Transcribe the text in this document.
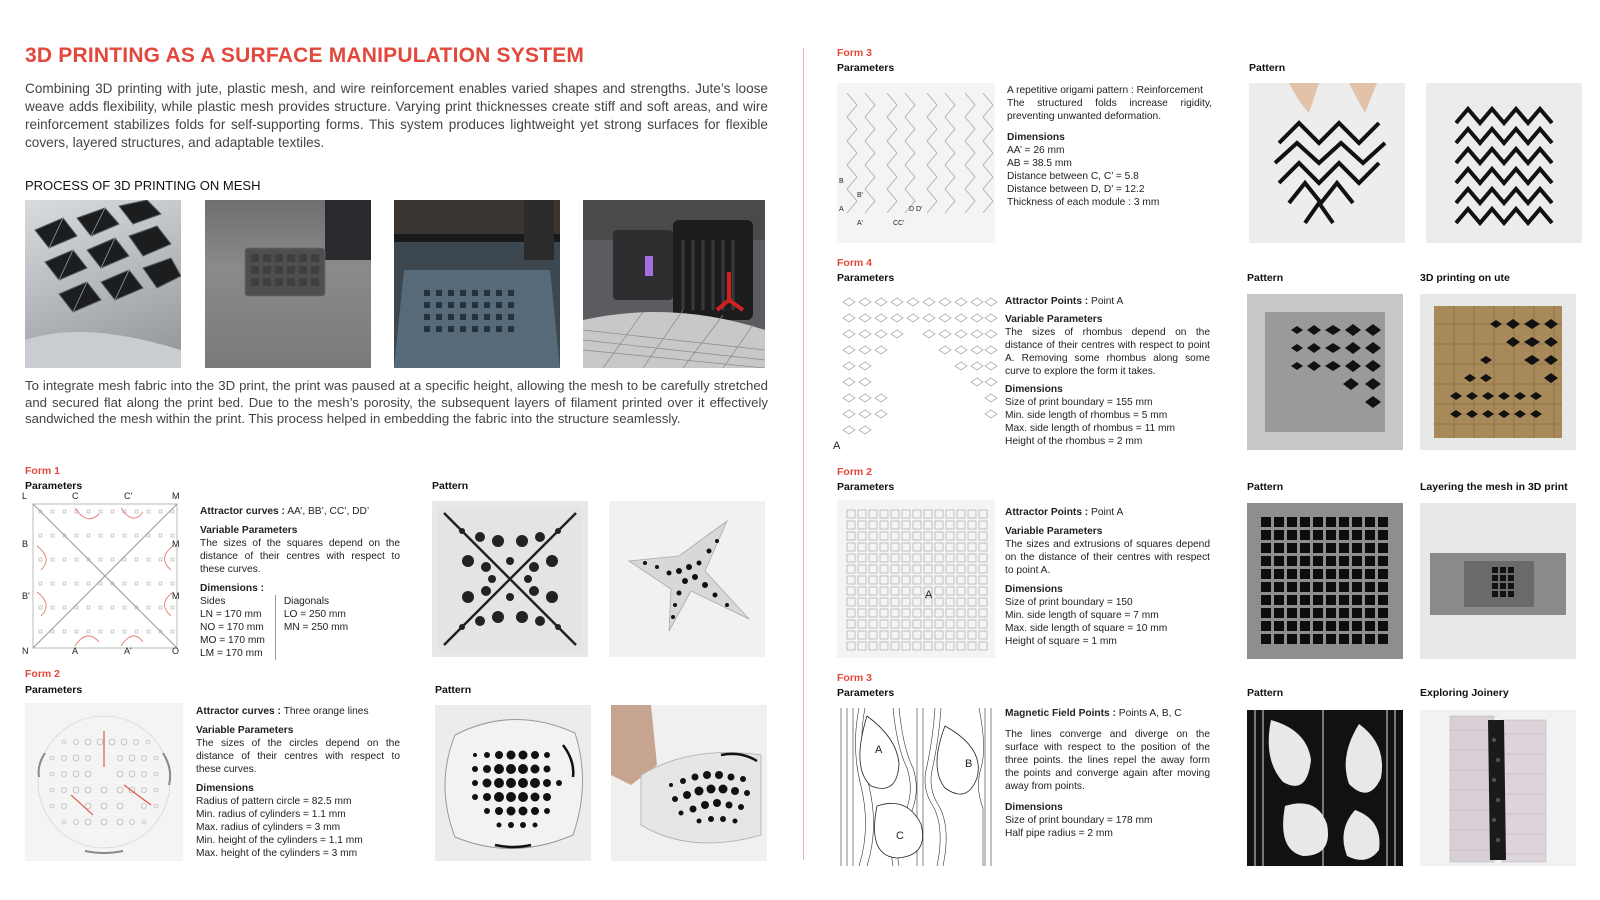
3D PRINTING AS A SURFACE MANIPULATION SYSTEM
Combining 3D printing with jute, plastic mesh, and wire reinforcement enables varied shapes and strengths. Jute’s loose weave adds flexibility, while plastic mesh provides structure. Varying print thicknesses create stiff and soft areas, and wire reinforcement stabilizes folds for self-supporting forms. This system produces lightweight yet strong surfaces for flexible covers, layered structures, and adaptable textiles.
PROCESS OF 3D PRINTING ON MESH
To integrate mesh fabric into the 3D print, the print was paused at a specific height, allowing the mesh to be carefully stretched and secured flat along the print bed. Due to the mesh’s porosity, the subsequent layers of filament printed over it effectively sandwiched the mesh within the print. This process helped in embedding the fabric into the structure seamlessly.
Form 1
Parameters	Pattern
L	C	C'	M
B	M
B'	M
N	A	A'	O
Attractor curves : AA’, BB’, CC’, DD’
Variable Parameters
The sizes of the squares depend on the distance of their centres with respect to these curves.
Dimensions :
Sides
LN = 170 mm
NO = 170 mm
MO = 170 mm
LM = 170 mm
Diagonals
LO = 250 mm
MN = 250 mm
Form 2
Parameters	Pattern
Attractor curves : Three orange lines
Variable Parameters
The sizes of the circles depend on the distance of their centres with respect to these curves.
Dimensions
Radius of pattern circle = 82.5 mm
Min. radius of cylinders = 1.1 mm
Max. radius of cylinders = 3 mm
Min. height of the cylinders = 1.1 mm
Max. height of the cylinders = 3 mm
Form 3
Parameters	Pattern
B
B'
A
A'	CC'
D D'
A repetitive origami pattern : Reinforcement
The structured folds increase rigidity, preventing unwanted deformation.
Dimensions
AA’ = 26 mm
AB = 38.5 mm
Distance between C, C’ = 5.8
Distance between D, D’ = 12.2
Thickness of each module : 3 mm
Form 4
Parameters	Pattern	3D printing on ute
A
Attractor Points : Point A
Variable Parameters
The sizes of rhombus depend on the distance of their centres with respect to point A. Removing some rhombus along some curve to explore the form it takes.
Dimensions
Size of print boundary = 155 mm
Min. side length of rhombus = 5 mm
Max. side length of rhombus = 11 mm
Height of the rhombus = 2 mm
Form 2
Parameters	Pattern	Layering the mesh in 3D print
A
Attractor Points : Point A
Variable Parameters
The sizes and extrusions of squares depend on the distance of their centres with respect to point A.
Dimensions
Size of print boundary = 150
Min. side length of square = 7 mm
Max. side length of square = 10 mm
Height of square = 1 mm
Form 3
Parameters	Pattern	Exploring Joinery
A
B
C
Magnetic Field Points : Points A, B, C
The lines converge and diverge on the surface with respect to the position of the three points. the lines repel the away form the points and converge again after moving away from points.
Dimensions
Size of print boundary = 178 mm
Half pipe radius = 2 mm
